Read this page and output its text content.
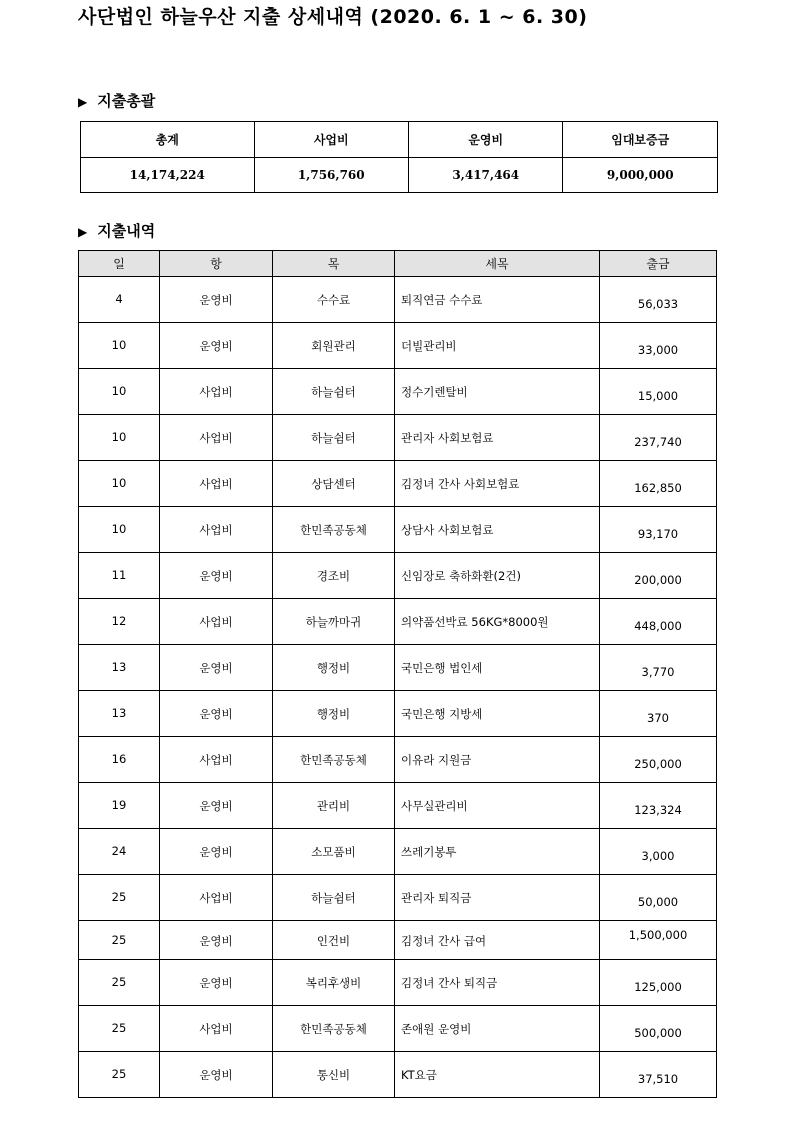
사단법인 하늘우산 지출 상세내역 (2020. 6. 1 ~ 6. 30)
▶ 지출총괄
총계	사업비	운영비	임대보증금
14,174,224	1,756,760	3,417,464	9,000,000
▶ 지출내역
일	항	목	세목	출금
4	운영비	수수료	퇴직연금 수수료	56,033
10	운영비	회원관리	더빌관리비	33,000
10	사업비	하늘쉼터	정수기렌탈비	15,000
10	사업비	하늘쉼터	관리자 사회보험료	237,740
10	사업비	상담센터	김정녀 간사 사회보험료	162,850
10	사업비	한민족공동체	상담사 사회보험료	93,170
11	운영비	경조비	신임장로 축하화환(2건)	200,000
12	사업비	하늘까마귀	의약품선박료 56KG*8000원	448,000
13	운영비	행정비	국민은행 법인세	3,770
13	운영비	행정비	국민은행 지방세	370
16	사업비	한민족공동체	이유라 지원금	250,000
19	운영비	관리비	사무실관리비	123,324
24	운영비	소모품비	쓰레기봉투	3,000
25	사업비	하늘쉼터	관리자 퇴직금	50,000
25	운영비	인건비	김정녀 간사 급여	1,500,000
25	운영비	복리후생비	김정녀 간사 퇴직금	125,000
25	사업비	한민족공동체	존애원 운영비	500,000
25	운영비	통신비	KT요금	37,510
